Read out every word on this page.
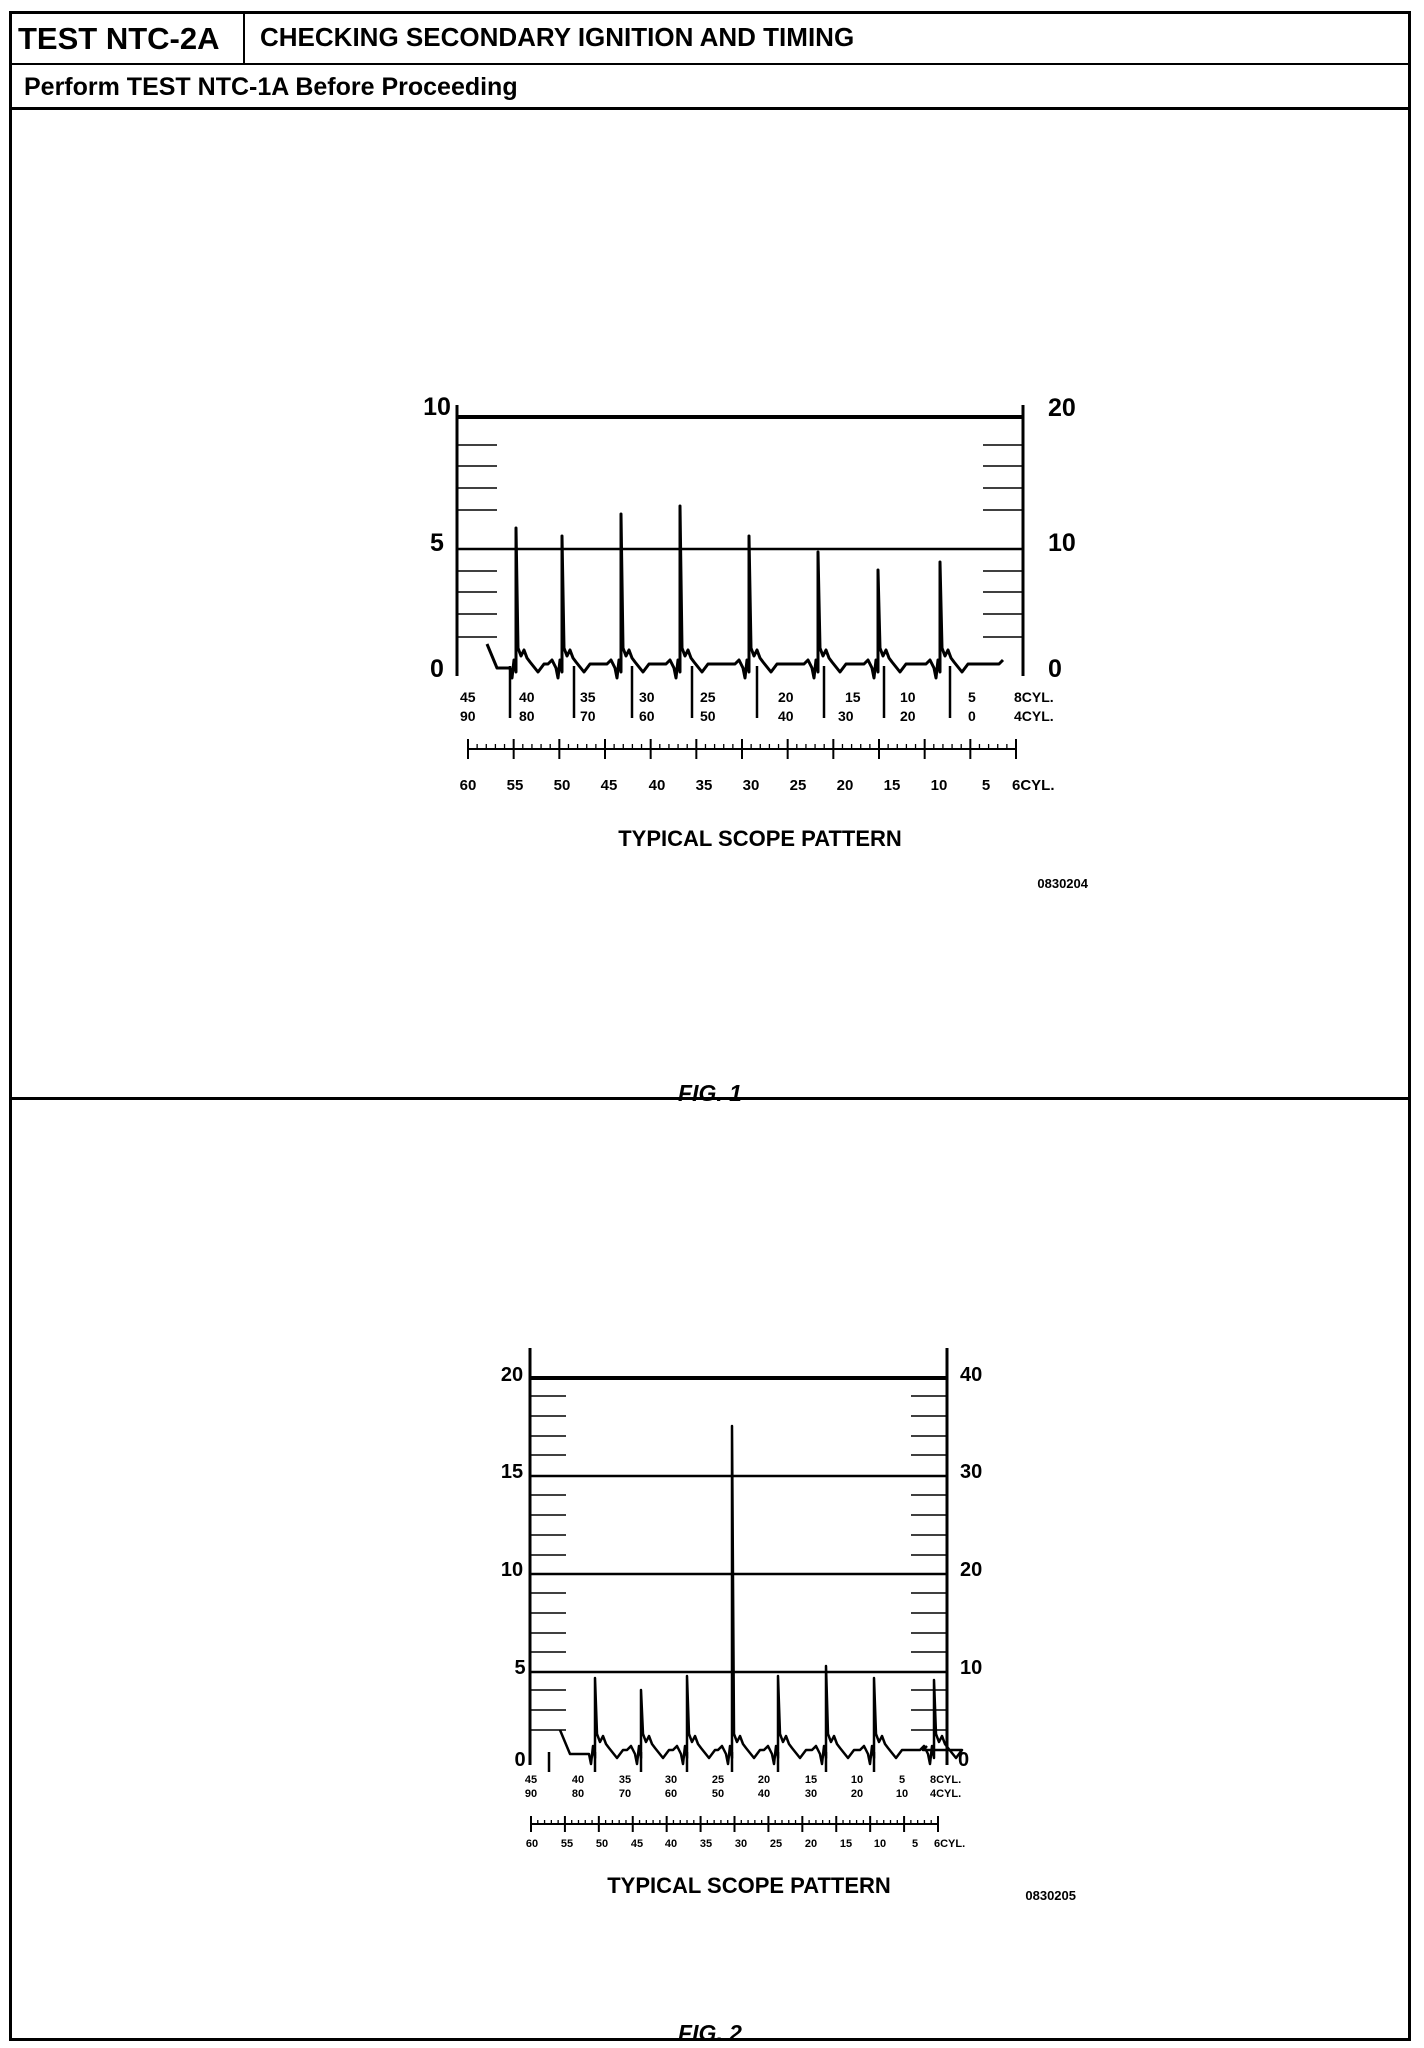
TEST NTC-2A	CHECKING SECONDARY IGNITION AND TIMING
Perform TEST NTC-1A Before Proceeding
10
5
0
20
10
0
45	40	35	30	25	20	15	10	5	8CYL.
90	80	70	60	50	40	30	20	0	4CYL.
60 55 50 45 40 35 30 25 20 15 10 5 6CYL.
TYPICAL SCOPE PATTERN
0830204
FIG. 1
20
15
10
5
0
40
30
20
10
0
45	40	35	30	25	20	15	10	5 8CYL.
90	80	70	60	50	40	30	20	10 4CYL.
60 55 50 45 40 35 30 25 20 15 10 5 6CYL.
TYPICAL SCOPE PATTERN	0830205
FIG. 2
